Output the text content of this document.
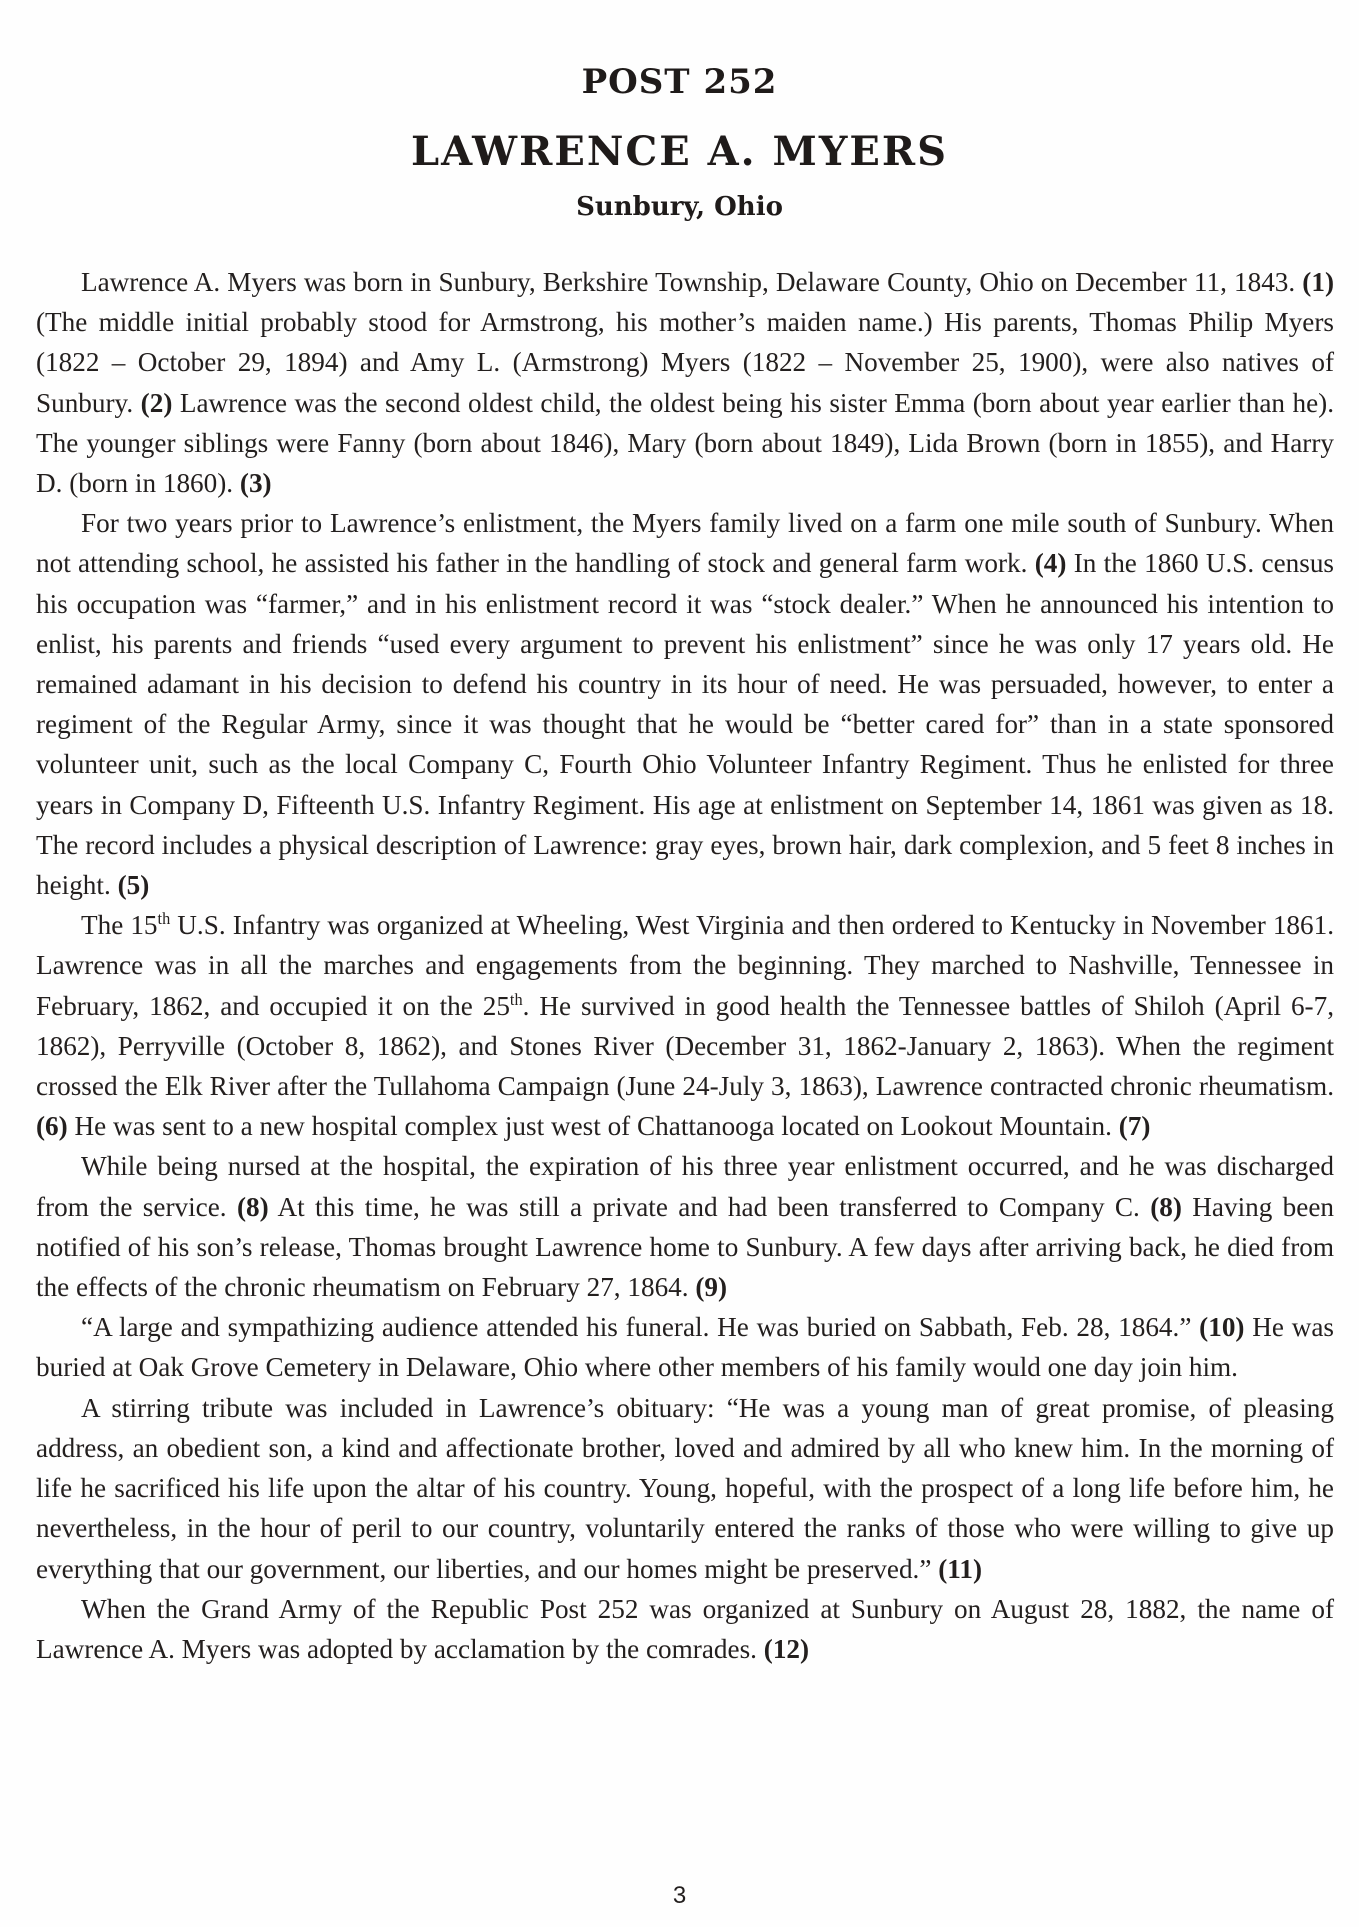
POST 252
LAWRENCE A. MYERS
Sunbury, Ohio

Lawrence A. Myers was born in Sunbury, Berkshire Township, Delaware County, Ohio on December 11, 1843. (1) (The middle initial probably stood for Armstrong, his mother’s maiden name.) His parents, Thomas Philip Myers (1822 – October 29, 1894) and Amy L. (Armstrong) Myers (1822 – November 25, 1900), were also natives of Sunbury. (2) Lawrence was the second oldest child, the oldest being his sister Emma (born about year earlier than he). The younger siblings were Fanny (born about 1846), Mary (born about 1849), Lida Brown (born in 1855), and Harry D. (born in 1860). (3)

For two years prior to Lawrence’s enlistment, the Myers family lived on a farm one mile south of Sunbury. When not attending school, he assisted his father in the handling of stock and general farm work. (4) In the 1860 U.S. census his occupation was “farmer,” and in his enlistment record it was “stock dealer.” When he announced his intention to enlist, his parents and friends “used every argument to prevent his enlistment” since he was only 17 years old. He remained adamant in his decision to defend his country in its hour of need. He was persuaded, however, to enter a regiment of the Regular Army, since it was thought that he would be “better cared for” than in a state sponsored volunteer unit, such as the local Company C, Fourth Ohio Volunteer Infantry Regiment. Thus he enlisted for three years in Company D, Fifteenth U.S. Infantry Regiment. His age at enlistment on September 14, 1861 was given as 18. The record includes a physical description of Lawrence: gray eyes, brown hair, dark complexion, and 5 feet 8 inches in height. (5)

The 15th U.S. Infantry was organized at Wheeling, West Virginia and then ordered to Kentucky in November 1861. Lawrence was in all the marches and engagements from the beginning. They marched to Nashville, Tennessee in February, 1862, and occupied it on the 25th. He survived in good health the Tennessee battles of Shiloh (April 6-7, 1862), Perryville (October 8, 1862), and Stones River (December 31, 1862-January 2, 1863). When the regiment crossed the Elk River after the Tullahoma Campaign (June 24-July 3, 1863), Lawrence contracted chronic rheumatism. (6) He was sent to a new hospital complex just west of Chattanooga located on Lookout Mountain. (7)

While being nursed at the hospital, the expiration of his three year enlistment occurred, and he was discharged from the service. (8) At this time, he was still a private and had been transferred to Company C. (8) Having been notified of his son’s release, Thomas brought Lawrence home to Sunbury. A few days after arriving back, he died from the effects of the chronic rheumatism on February 27, 1864. (9)

“A large and sympathizing audience attended his funeral. He was buried on Sabbath, Feb. 28, 1864.” (10) He was buried at Oak Grove Cemetery in Delaware, Ohio where other members of his family would one day join him.

A stirring tribute was included in Lawrence’s obituary: “He was a young man of great promise, of pleasing address, an obedient son, a kind and affectionate brother, loved and admired by all who knew him. In the morning of life he sacrificed his life upon the altar of his country. Young, hopeful, with the prospect of a long life before him, he nevertheless, in the hour of peril to our country, voluntarily entered the ranks of those who were willing to give up everything that our government, our liberties, and our homes might be preserved.” (11)

When the Grand Army of the Republic Post 252 was organized at Sunbury on August 28, 1882, the name of Lawrence A. Myers was adopted by acclamation by the comrades. (12)

3
